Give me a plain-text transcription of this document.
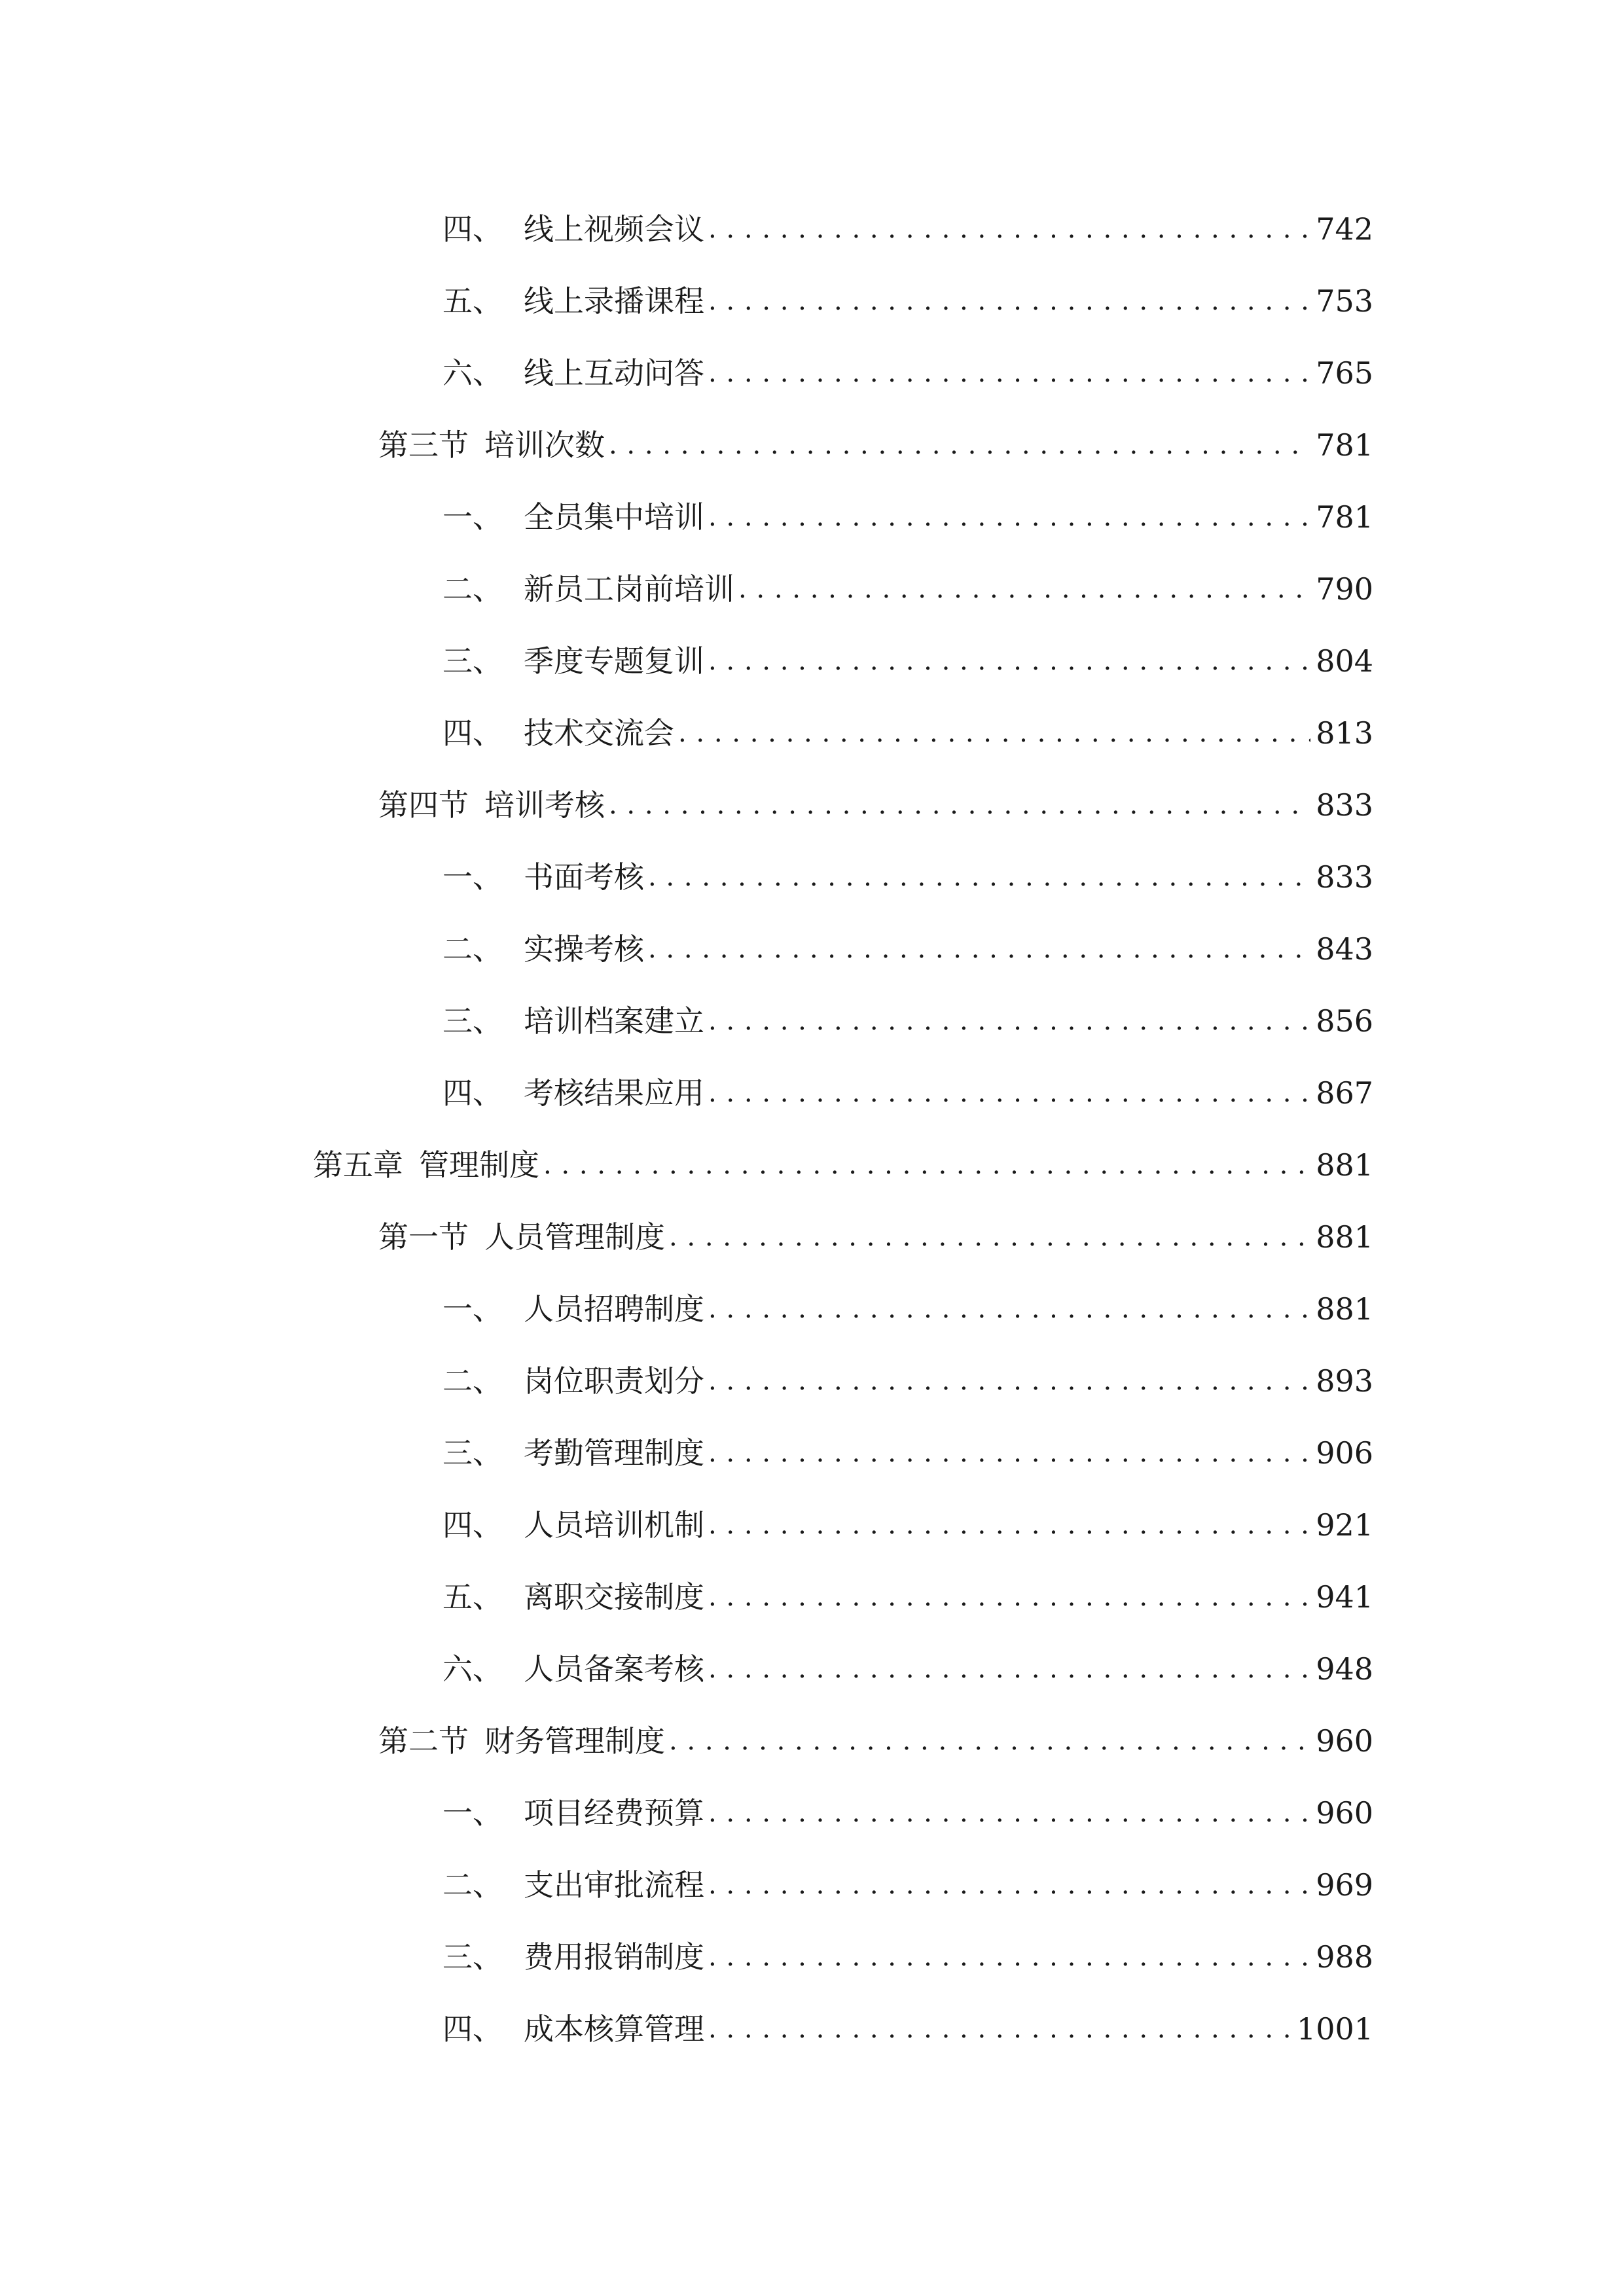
四、 线上视频会议 . . .	742
五、 线上录播课程 . . .	753
六、 线上互动问答 . . .	765
第三节 培训次数 . . .	781
一、 全员集中培训 . . .	781
二、 新员工岗前培训 . . .	790
三、 季度专题复训 . . .	804
四、 技术交流会 . . .	813
第四节 培训考核 . . .	833
一、 书面考核 . . .	833
二、 实操考核 . . .	843
三、 培训档案建立 . . .	856
四、 考核结果应用 . . .	867
第五章 管理制度 . . .	881
第一节 人员管理制度 . . .	881
一、 人员招聘制度 . . .	881
二、 岗位职责划分 . . .	893
三、 考勤管理制度 . . .	906
四、 人员培训机制 . . .	921
五、 离职交接制度 . . .	941
六、 人员备案考核 . . .	948
第二节 财务管理制度 . . .	960
一、 项目经费预算 . . .	960
二、 支出审批流程 . . .	969
三、 费用报销制度 . . .	988
四、 成本核算管理 . . .	1001
